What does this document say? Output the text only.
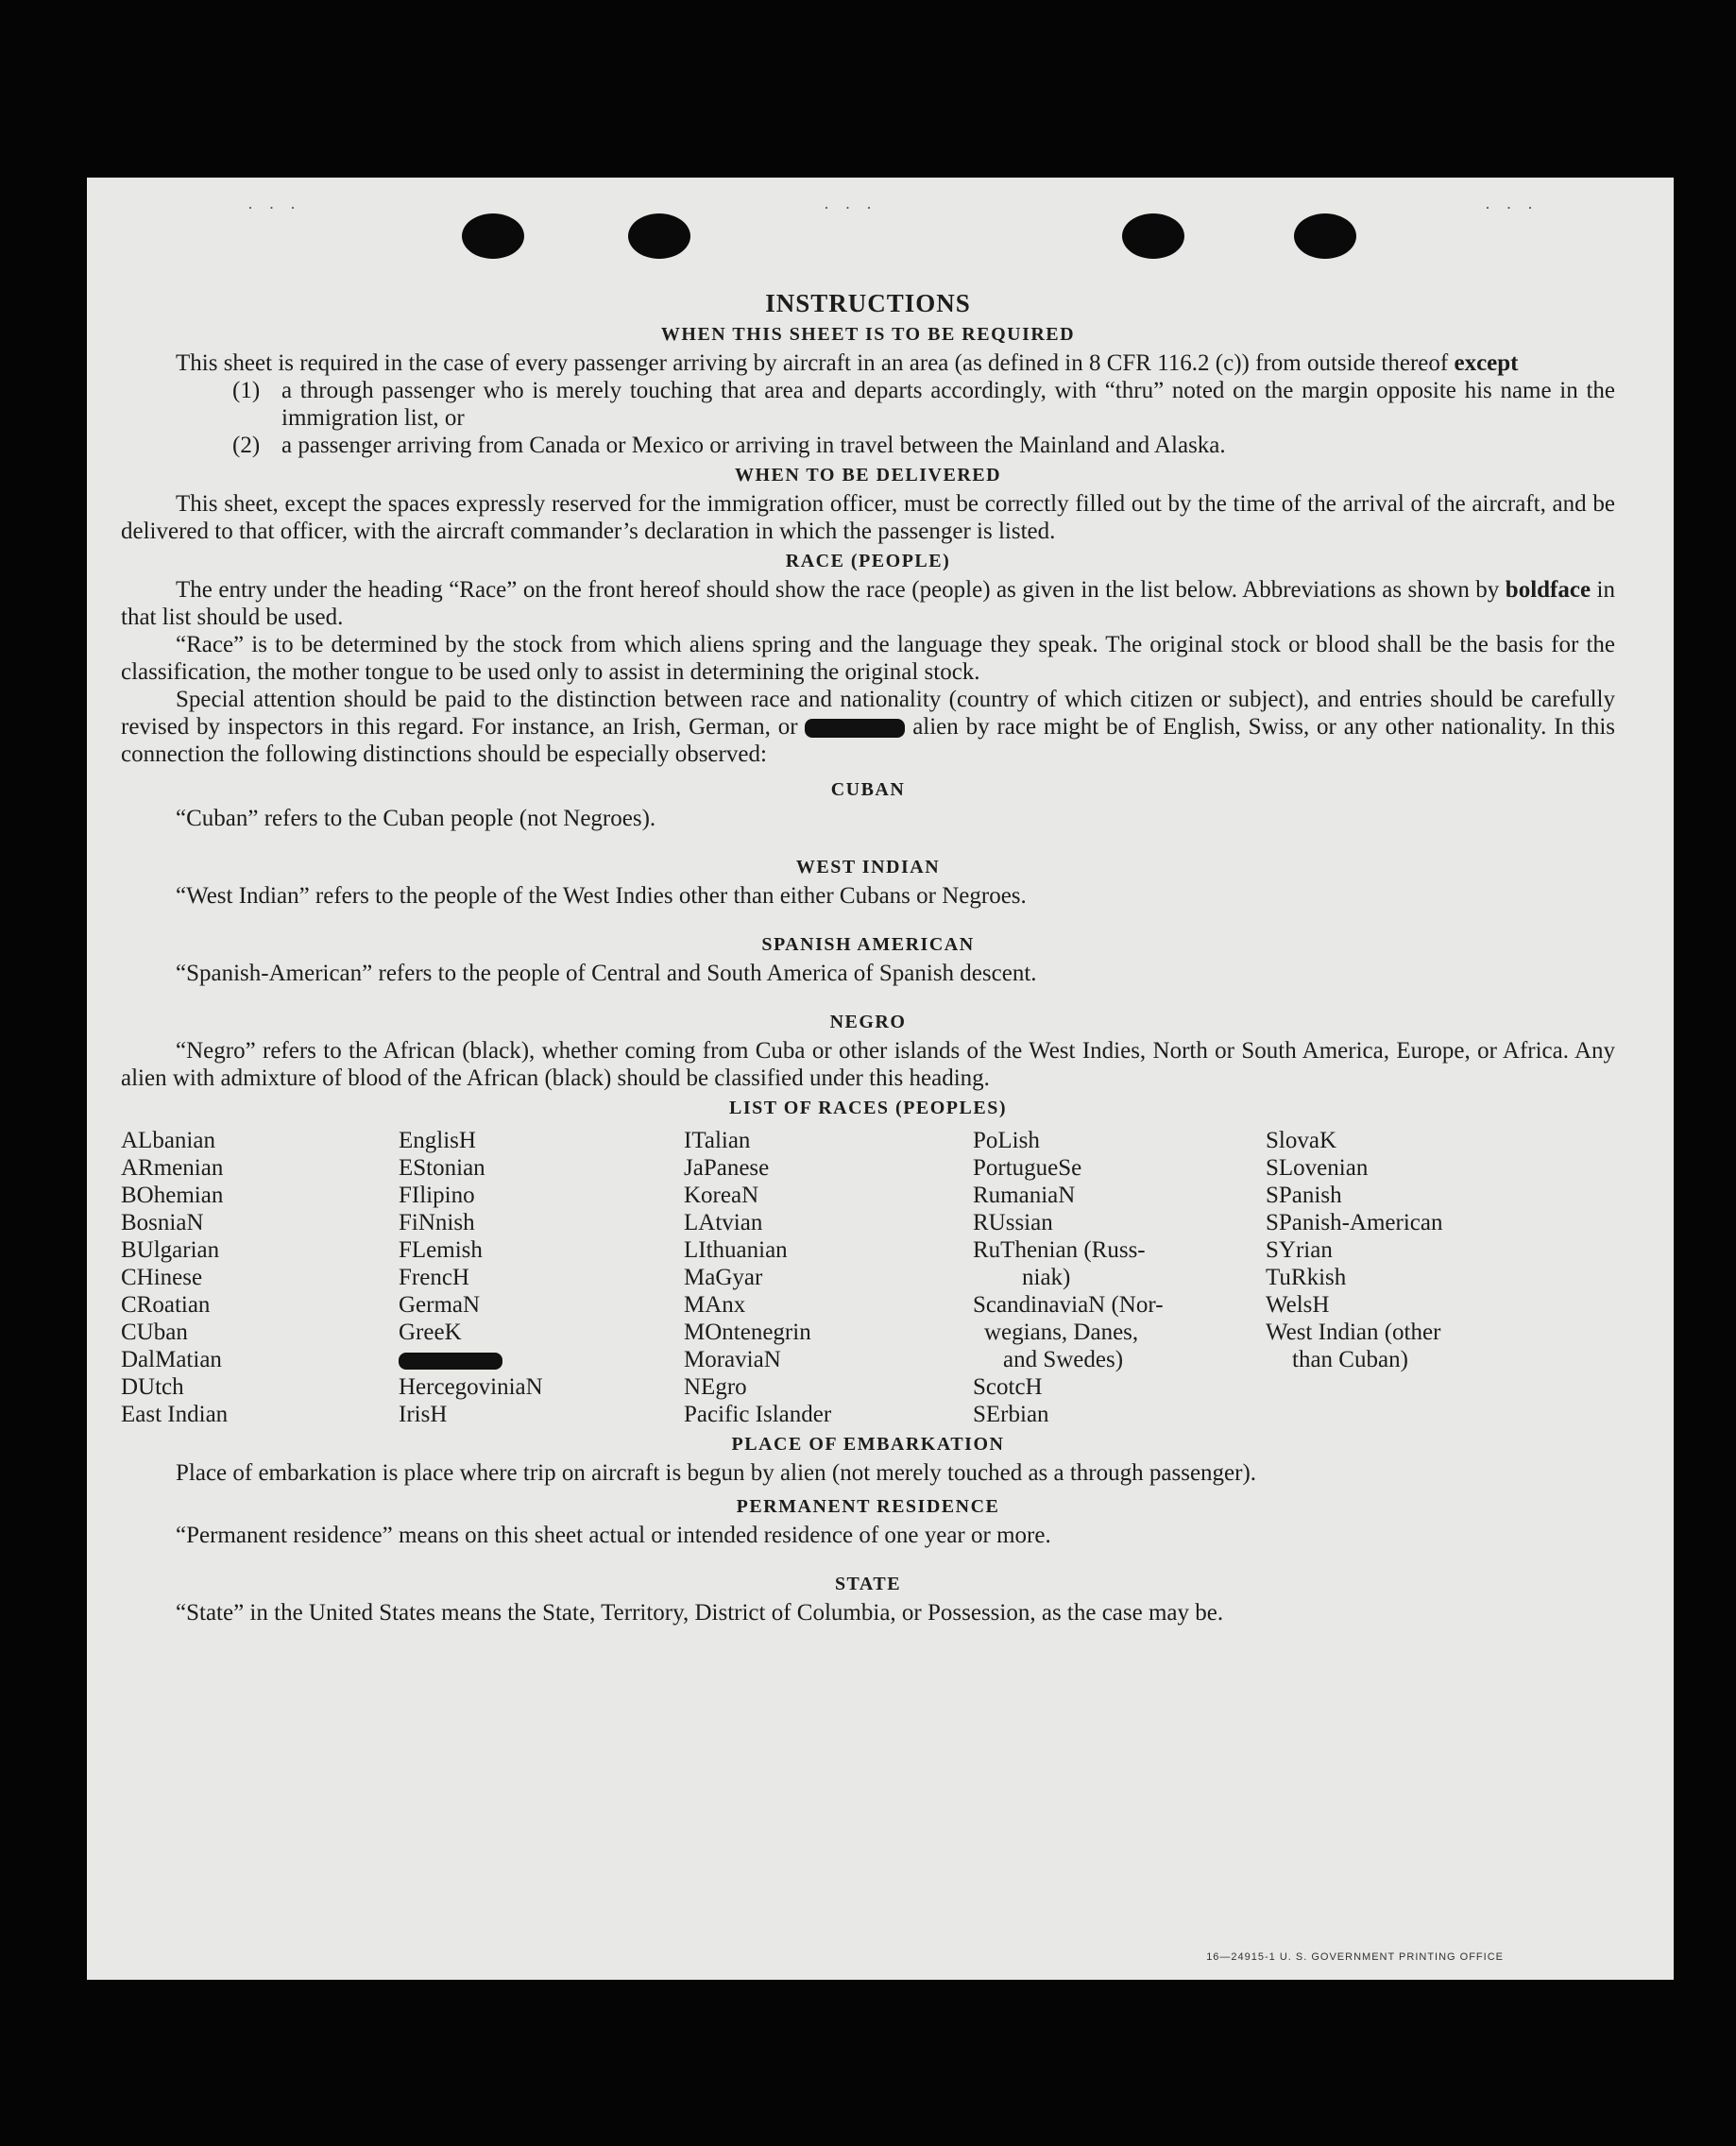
· · ·	· · ·	· · ·
INSTRUCTIONS
WHEN THIS SHEET IS TO BE REQUIRED

This sheet is required in the case of every passenger arriving by aircraft in an area (as defined in 8 CFR 116.2 (c)) from outside thereof except

(1) a through passenger who is merely touching that area and departs accordingly, with “thru” noted on the margin opposite his name in the immigration list, or
(2) a passenger arriving from Canada or Mexico or arriving in travel between the Mainland and Alaska.
WHEN TO BE DELIVERED

This sheet, except the spaces expressly reserved for the immigration officer, must be correctly filled out by the time of the arrival of the aircraft, and be delivered to that officer, with the aircraft commander’s declaration in which the passenger is listed.

RACE (PEOPLE)

The entry under the heading “Race” on the front hereof should show the race (people) as given in the list below. Abbreviations as shown by boldface in that list should be used.

“Race” is to be determined by the stock from which aliens spring and the language they speak. The original stock or blood shall be the basis for the classification, the mother tongue to be used only to assist in determining the original stock.

Special attention should be paid to the distinction between race and nationality (country of which citizen or subject), and entries should be carefully revised by inspectors in this regard. For instance, an Irish, German, or	alien by race might be of English, Swiss, or any other nationality. In this connection the following distinctions should be especially observed:

CUBAN

“Cuban” refers to the Cuban people (not Negroes).

WEST INDIAN

“West Indian” refers to the people of the West Indies other than either Cubans or Negroes.

SPANISH AMERICAN

“Spanish-American” refers to the people of Central and South America of Spanish descent.

NEGRO

“Negro” refers to the African (black), whether coming from Cuba or other islands of the West Indies, North or South America, Europe, or Africa. Any alien with admixture of blood of the African (black) should be classified under this heading.

LIST OF RACES (PEOPLES)
ALbanian
ARmenian
BOhemian
BosniaN
BUlgarian
CHinese
CRoatian
CUban
DalMatian
DUtch
East Indian
EnglisH
EStonian
FIlipino
FiNnish
FLemish
FrencH
GermaN
GreeK
HercegoviniaN
IrisH
ITalian
JaPanese
KoreaN
LAtvian
LIthuanian
MaGyar
MAnx
MOntenegrin
MoraviaN
NEgro
Pacific Islander
PoLish
PortugueSe
RumaniaN
RUssian
RuThenian (Russ-
niak)
ScandinaviaN (Nor-
wegians, Danes,
and Swedes)
ScotcH
SErbian
SlovaK
SLovenian
SPanish
SPanish-American
SYrian
TuRkish
WelsH
West Indian (other
than Cuban)
PLACE OF EMBARKATION

Place of embarkation is place where trip on aircraft is begun by alien (not merely touched as a through passenger).

PERMANENT RESIDENCE

“Permanent residence” means on this sheet actual or intended residence of one year or more.

STATE

“State” in the United States means the State, Territory, District of Columbia, or Possession, as the case may be.

16—24915-1 U. S. GOVERNMENT PRINTING OFFICE
